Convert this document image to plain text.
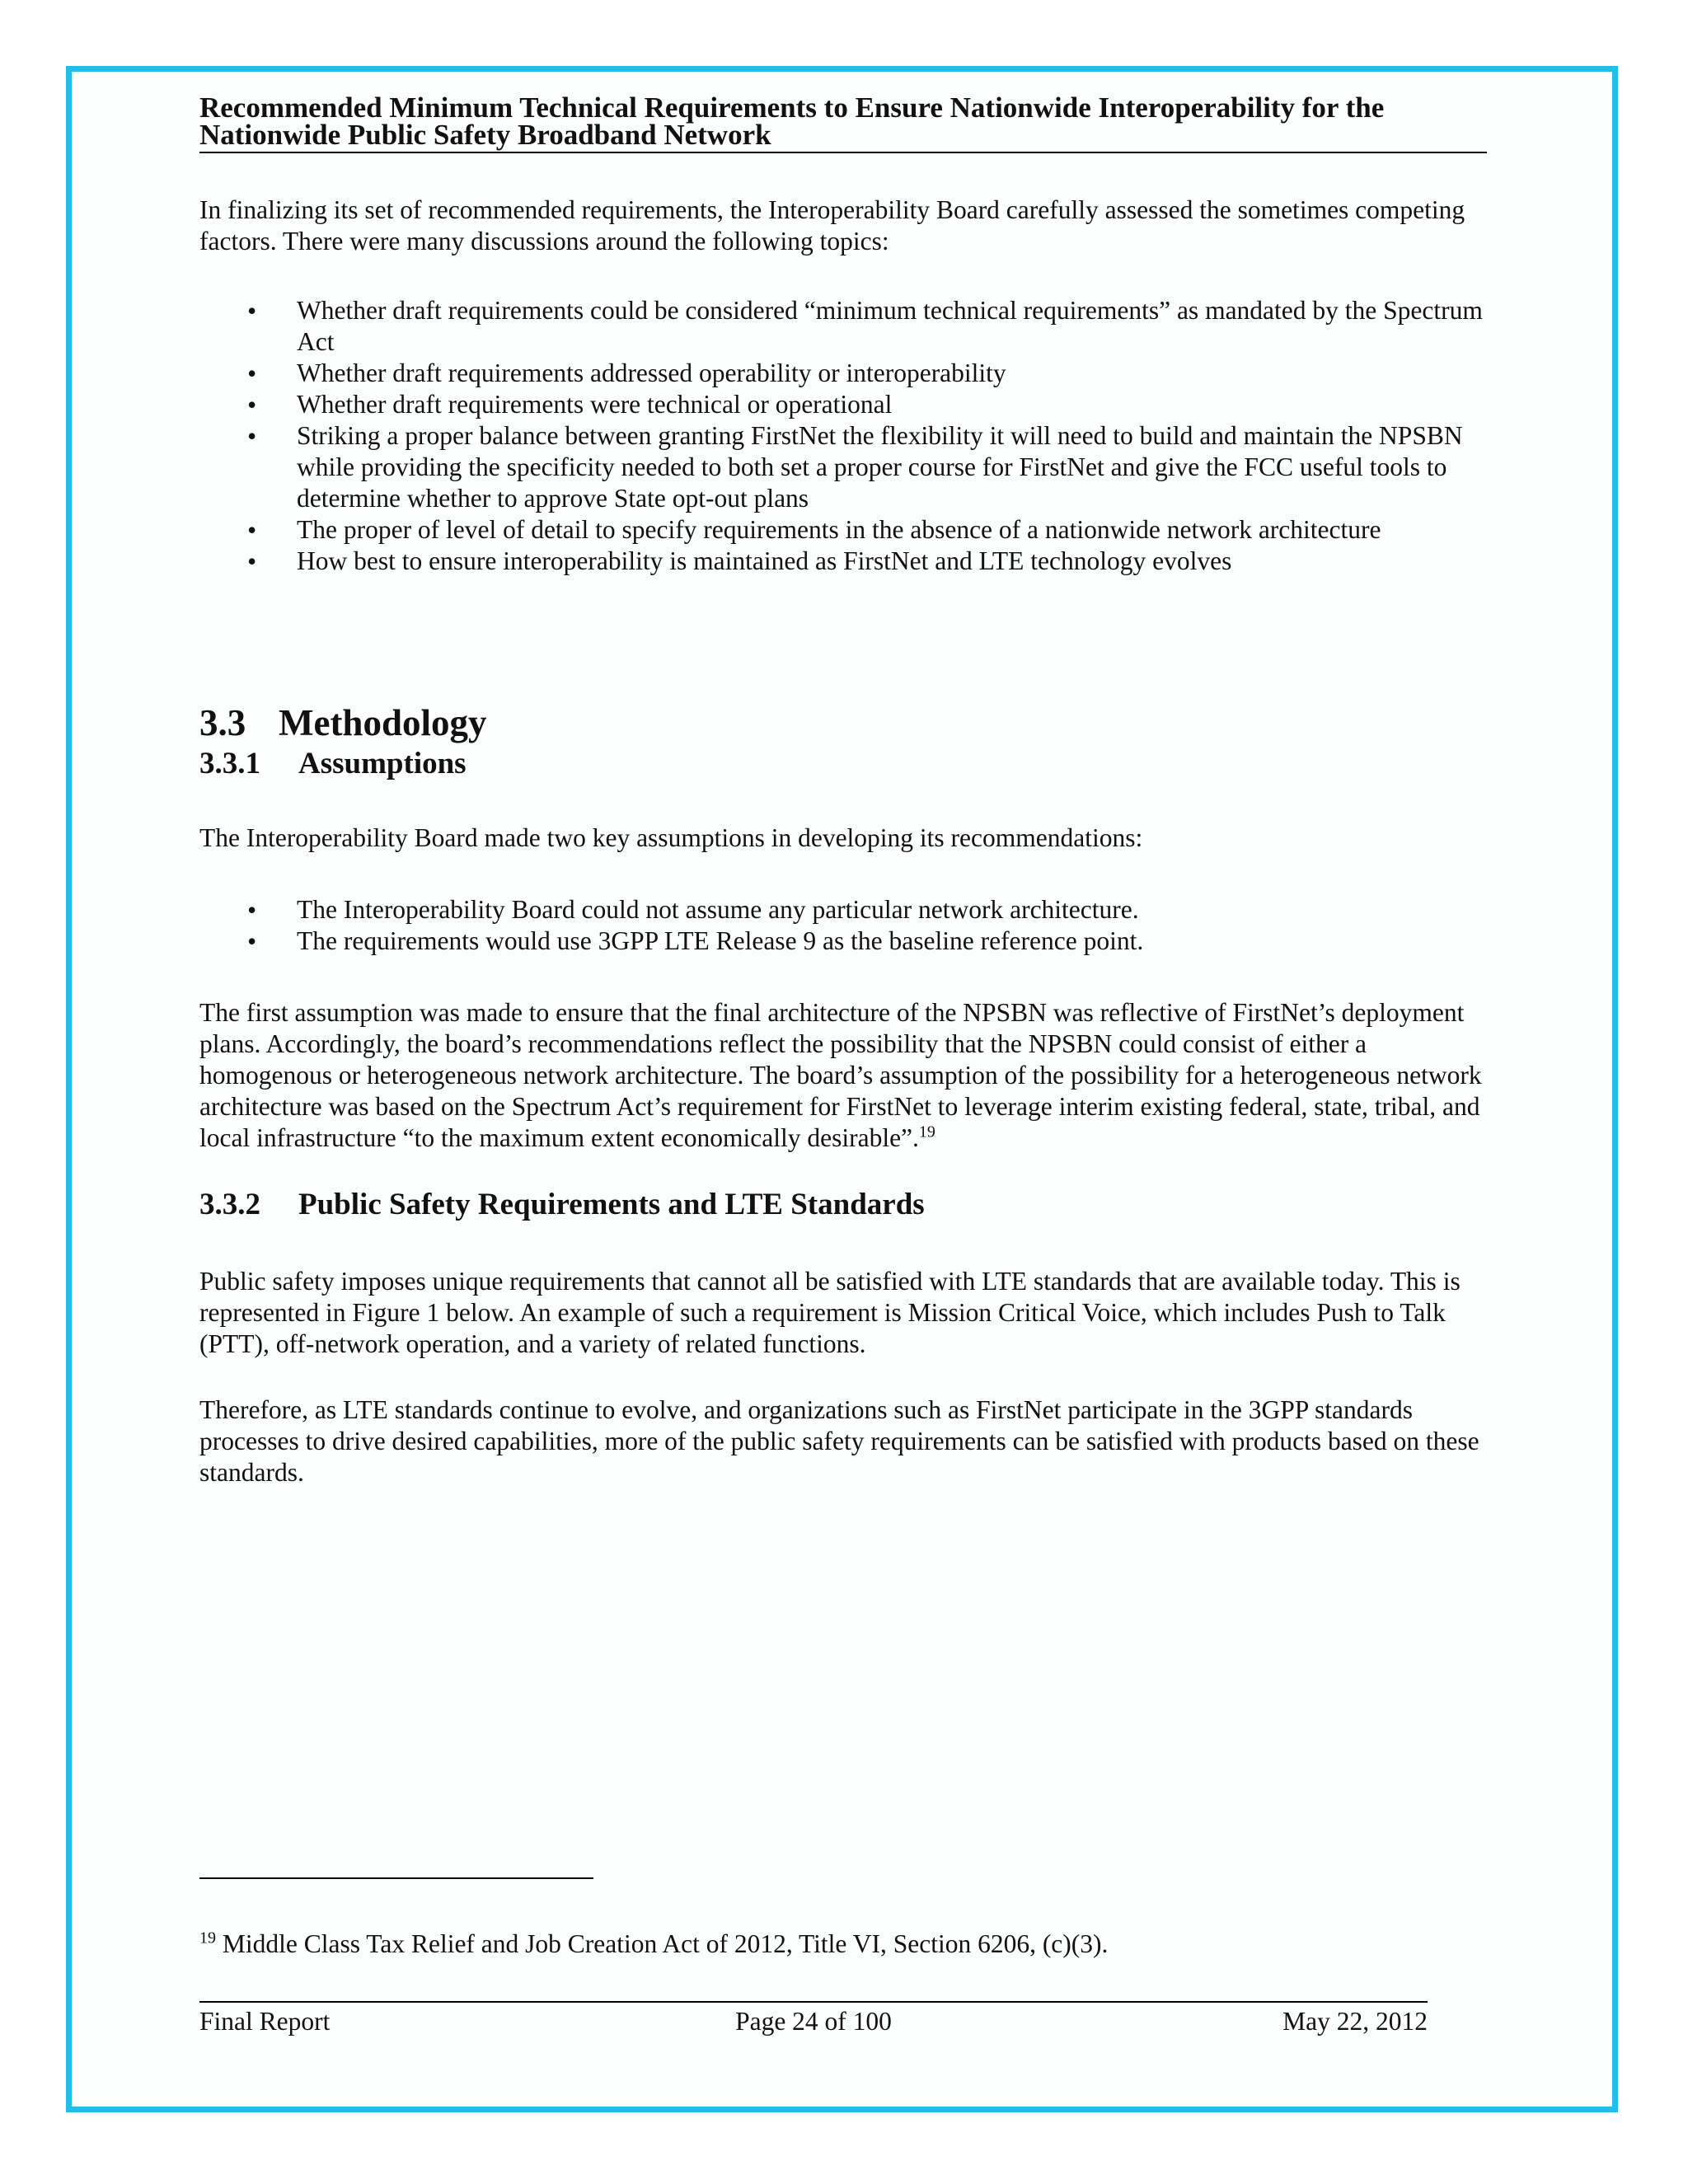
Recommended Minimum Technical Requirements to Ensure Nationwide Interoperability for the
Nationwide Public Safety Broadband Network
In finalizing its set of recommended requirements, the Interoperability Board carefully assessed the sometimes competing factors. There were many discussions around the following topics:
• Whether draft requirements could be considered “minimum technical requirements” as mandated by the Spectrum Act
• Whether draft requirements addressed operability or interoperability
• Whether draft requirements were technical or operational
• Striking a proper balance between granting FirstNet the flexibility it will need to build and maintain the NPSBN while providing the specificity needed to both set a proper course for FirstNet and give the FCC useful tools to determine whether to approve State opt-out plans
• The proper of level of detail to specify requirements in the absence of a nationwide network architecture
• How best to ensure interoperability is maintained as FirstNet and LTE technology evolves
3.3 Methodology
3.3.1 Assumptions
The Interoperability Board made two key assumptions in developing its recommendations:
• The Interoperability Board could not assume any particular network architecture.
• The requirements would use 3GPP LTE Release 9 as the baseline reference point.
The first assumption was made to ensure that the final architecture of the NPSBN was reflective of FirstNet’s deployment plans. Accordingly, the board’s recommendations reflect the possibility that the NPSBN could consist of either a homogenous or heterogeneous network architecture. The board’s assumption of the possibility for a heterogeneous network architecture was based on the Spectrum Act’s requirement for FirstNet to leverage interim existing federal, state, tribal, and local infrastructure “to the maximum extent economically desirable”.$^{19}$
3.3.2 Public Safety Requirements and LTE Standards
Public safety imposes unique requirements that cannot all be satisfied with LTE standards that are available today. This is represented in Figure 1 below. An example of such a requirement is Mission Critical Voice, which includes Push to Talk (PTT), off-network operation, and a variety of related functions.
Therefore, as LTE standards continue to evolve, and organizations such as FirstNet participate in the 3GPP standards processes to drive desired capabilities, more of the public safety requirements can be satisfied with products based on these standards.
$^{19}$ Middle Class Tax Relief and Job Creation Act of 2012, Title VI, Section 6206, (c)(3).
Final Report	Page 24 of 100	May 22, 2012
